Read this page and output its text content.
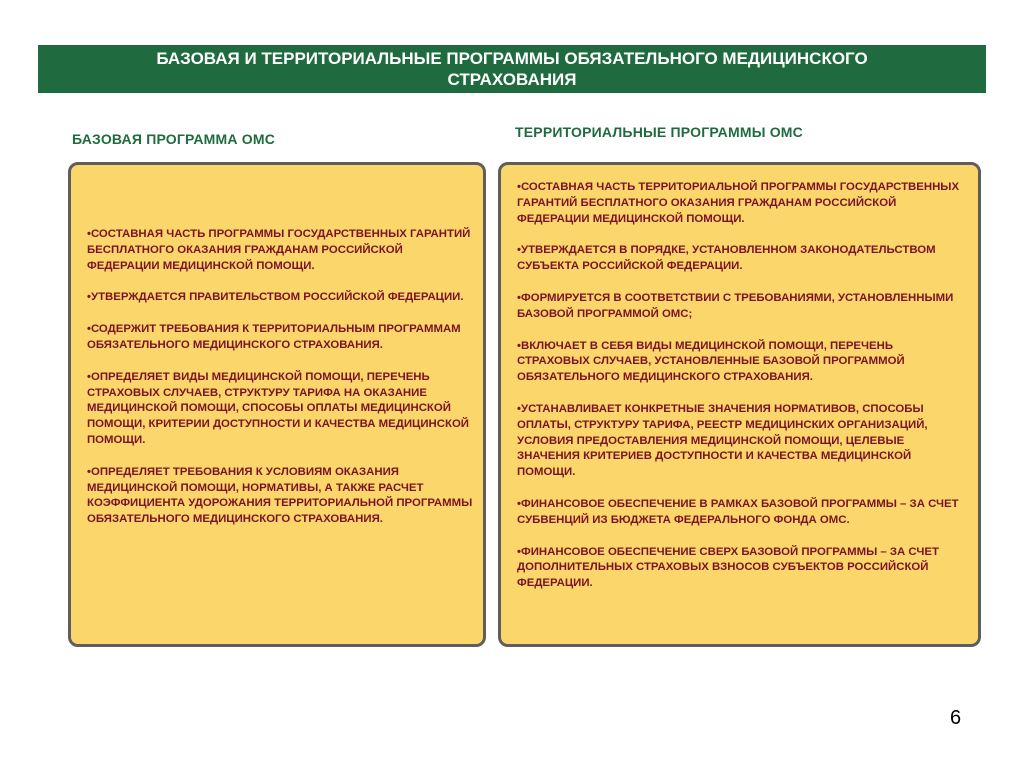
БАЗОВАЯ И ТЕРРИТОРИАЛЬНЫЕ ПРОГРАММЫ ОБЯЗАТЕЛЬНОГО МЕДИЦИНСКОГО
СТРАХОВАНИЯ
БАЗОВАЯ ПРОГРАММА ОМС	ТЕРРИТОРИАЛЬНЫЕ ПРОГРАММЫ ОМС

•СОСТАВНАЯ ЧАСТЬ ПРОГРАММЫ ГОСУДАРСТВЕННЫХ ГАРАНТИЙ БЕСПЛАТНОГО ОКАЗАНИЯ ГРАЖДАНАМ РОССИЙСКОЙ ФЕДЕРАЦИИ МЕДИЦИНСКОЙ ПОМОЩИ.

•УТВЕРЖДАЕТСЯ ПРАВИТЕЛЬСТВОМ РОССИЙСКОЙ ФЕДЕРАЦИИ.

•СОДЕРЖИТ ТРЕБОВАНИЯ К ТЕРРИТОРИАЛЬНЫМ ПРОГРАММАМ ОБЯЗАТЕЛЬНОГО МЕДИЦИНСКОГО СТРАХОВАНИЯ.

•ОПРЕДЕЛЯЕТ ВИДЫ МЕДИЦИНСКОЙ ПОМОЩИ, ПЕРЕЧЕНЬ СТРАХОВЫХ СЛУЧАЕВ, СТРУКТУРУ ТАРИФА НА ОКАЗАНИЕ МЕДИЦИНСКОЙ ПОМОЩИ, СПОСОБЫ ОПЛАТЫ МЕДИЦИНСКОЙ ПОМОЩИ, КРИТЕРИИ ДОСТУПНОСТИ И КАЧЕСТВА МЕДИЦИНСКОЙ ПОМОЩИ.

•ОПРЕДЕЛЯЕТ ТРЕБОВАНИЯ К УСЛОВИЯМ ОКАЗАНИЯ МЕДИЦИНСКОЙ ПОМОЩИ, НОРМАТИВЫ, А ТАКЖЕ РАСЧЕТ КОЭФФИЦИЕНТА УДОРОЖАНИЯ ТЕРРИТОРИАЛЬНОЙ ПРОГРАММЫ ОБЯЗАТЕЛЬНОГО МЕДИЦИНСКОГО СТРАХОВАНИЯ.

•СОСТАВНАЯ ЧАСТЬ ТЕРРИТОРИАЛЬНОЙ ПРОГРАММЫ ГОСУДАРСТВЕННЫХ ГАРАНТИЙ БЕСПЛАТНОГО ОКАЗАНИЯ ГРАЖДАНАМ РОССИЙСКОЙ ФЕДЕРАЦИИ МЕДИЦИНСКОЙ ПОМОЩИ.

•УТВЕРЖДАЕТСЯ В ПОРЯДКЕ, УСТАНОВЛЕННОМ ЗАКОНОДАТЕЛЬСТВОМ СУБЪЕКТА РОССИЙСКОЙ ФЕДЕРАЦИИ.

•ФОРМИРУЕТСЯ В СООТВЕТСТВИИ С ТРЕБОВАНИЯМИ, УСТАНОВЛЕННЫМИ БАЗОВОЙ ПРОГРАММОЙ ОМС;

•ВКЛЮЧАЕТ В СЕБЯ ВИДЫ МЕДИЦИНСКОЙ ПОМОЩИ, ПЕРЕЧЕНЬ СТРАХОВЫХ СЛУЧАЕВ, УСТАНОВЛЕННЫЕ БАЗОВОЙ ПРОГРАММОЙ ОБЯЗАТЕЛЬНОГО МЕДИЦИНСКОГО СТРАХОВАНИЯ.

•УСТАНАВЛИВАЕТ КОНКРЕТНЫЕ ЗНАЧЕНИЯ НОРМАТИВОВ, СПОСОБЫ ОПЛАТЫ, СТРУКТУРУ ТАРИФА, РЕЕСТР МЕДИЦИНСКИХ ОРГАНИЗАЦИЙ, УСЛОВИЯ ПРЕДОСТАВЛЕНИЯ МЕДИЦИНСКОЙ ПОМОЩИ, ЦЕЛЕВЫЕ ЗНАЧЕНИЯ КРИТЕРИЕВ ДОСТУПНОСТИ И КАЧЕСТВА МЕДИЦИНСКОЙ ПОМОЩИ.

•ФИНАНСОВОЕ ОБЕСПЕЧЕНИЕ В РАМКАХ БАЗОВОЙ ПРОГРАММЫ – ЗА СЧЕТ СУБВЕНЦИЙ ИЗ БЮДЖЕТА ФЕДЕРАЛЬНОГО ФОНДА ОМС.

•ФИНАНСОВОЕ ОБЕСПЕЧЕНИЕ СВЕРХ БАЗОВОЙ ПРОГРАММЫ – ЗА СЧЕТ ДОПОЛНИТЕЛЬНЫХ СТРАХОВЫХ ВЗНОСОВ СУБЪЕКТОВ РОССИЙСКОЙ ФЕДЕРАЦИИ.

6
